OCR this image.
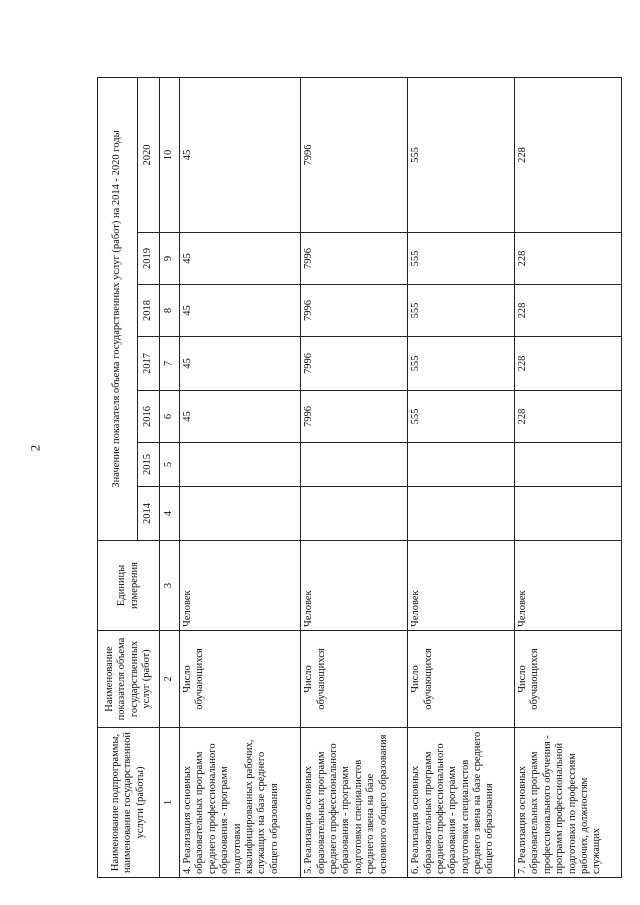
2
Наименование подпрограммы, наименование государственной услуги (работы)	Наименование показателя объема государственных услуг (работ)	Единицы измерения	Значение показателя объема государственных услуг (работ) на 2014 - 2020 годы						
			2014	2015	2016	2017	2018	2019	2020
1	2	3	4	5	6	7	8	9	10
4. Реализация основных образовательных программ среднего профессионального образования - программ подготовки квалифицированных рабочих, служащих на базе среднего общего образования	Число обучающихся	Человек			45	45	45	45	45
5. Реализация основных образовательных программ среднего профессионального образования - программ подготовки специалистов среднего звена на базе основного общего образования	Число обучающихся	Человек			7996	7996	7996	7996	7996
6. Реализация основных образовательных программ среднего профессионального образования - программ подготовки специалистов среднего звена на базе среднего общего образования	Число обучающихся	Человек			555	555	555	555	555
7. Реализация основных образовательных программ профессионального обучения - программ профессиональной подготовки по профессиям рабочих, должностям служащих	Число обучающихся	Человек			228	228	228	228	228
